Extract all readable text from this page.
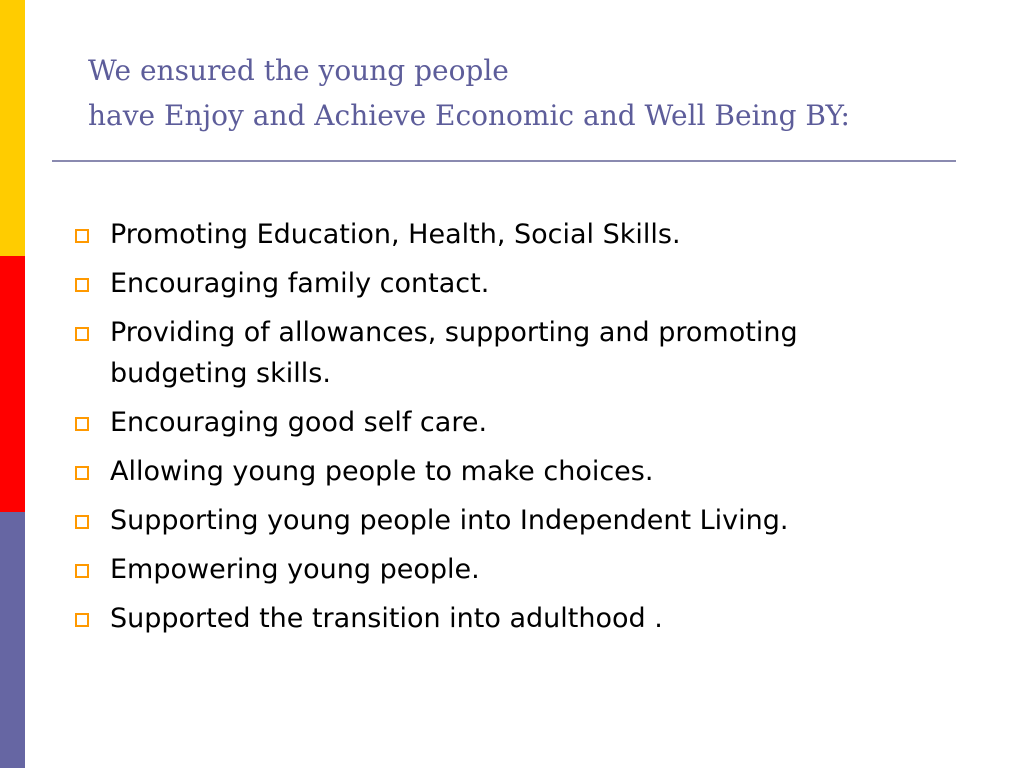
We ensured the young people
have Enjoy and Achieve Economic and Well Being BY:
Promoting Education, Health, Social Skills.
Encouraging family contact.
Providing of allowances, supporting and promoting budgeting skills.
Encouraging good self care.
Allowing young people to make choices.
Supporting young people into Independent Living.
Empowering young people.
Supported the transition into adulthood .
